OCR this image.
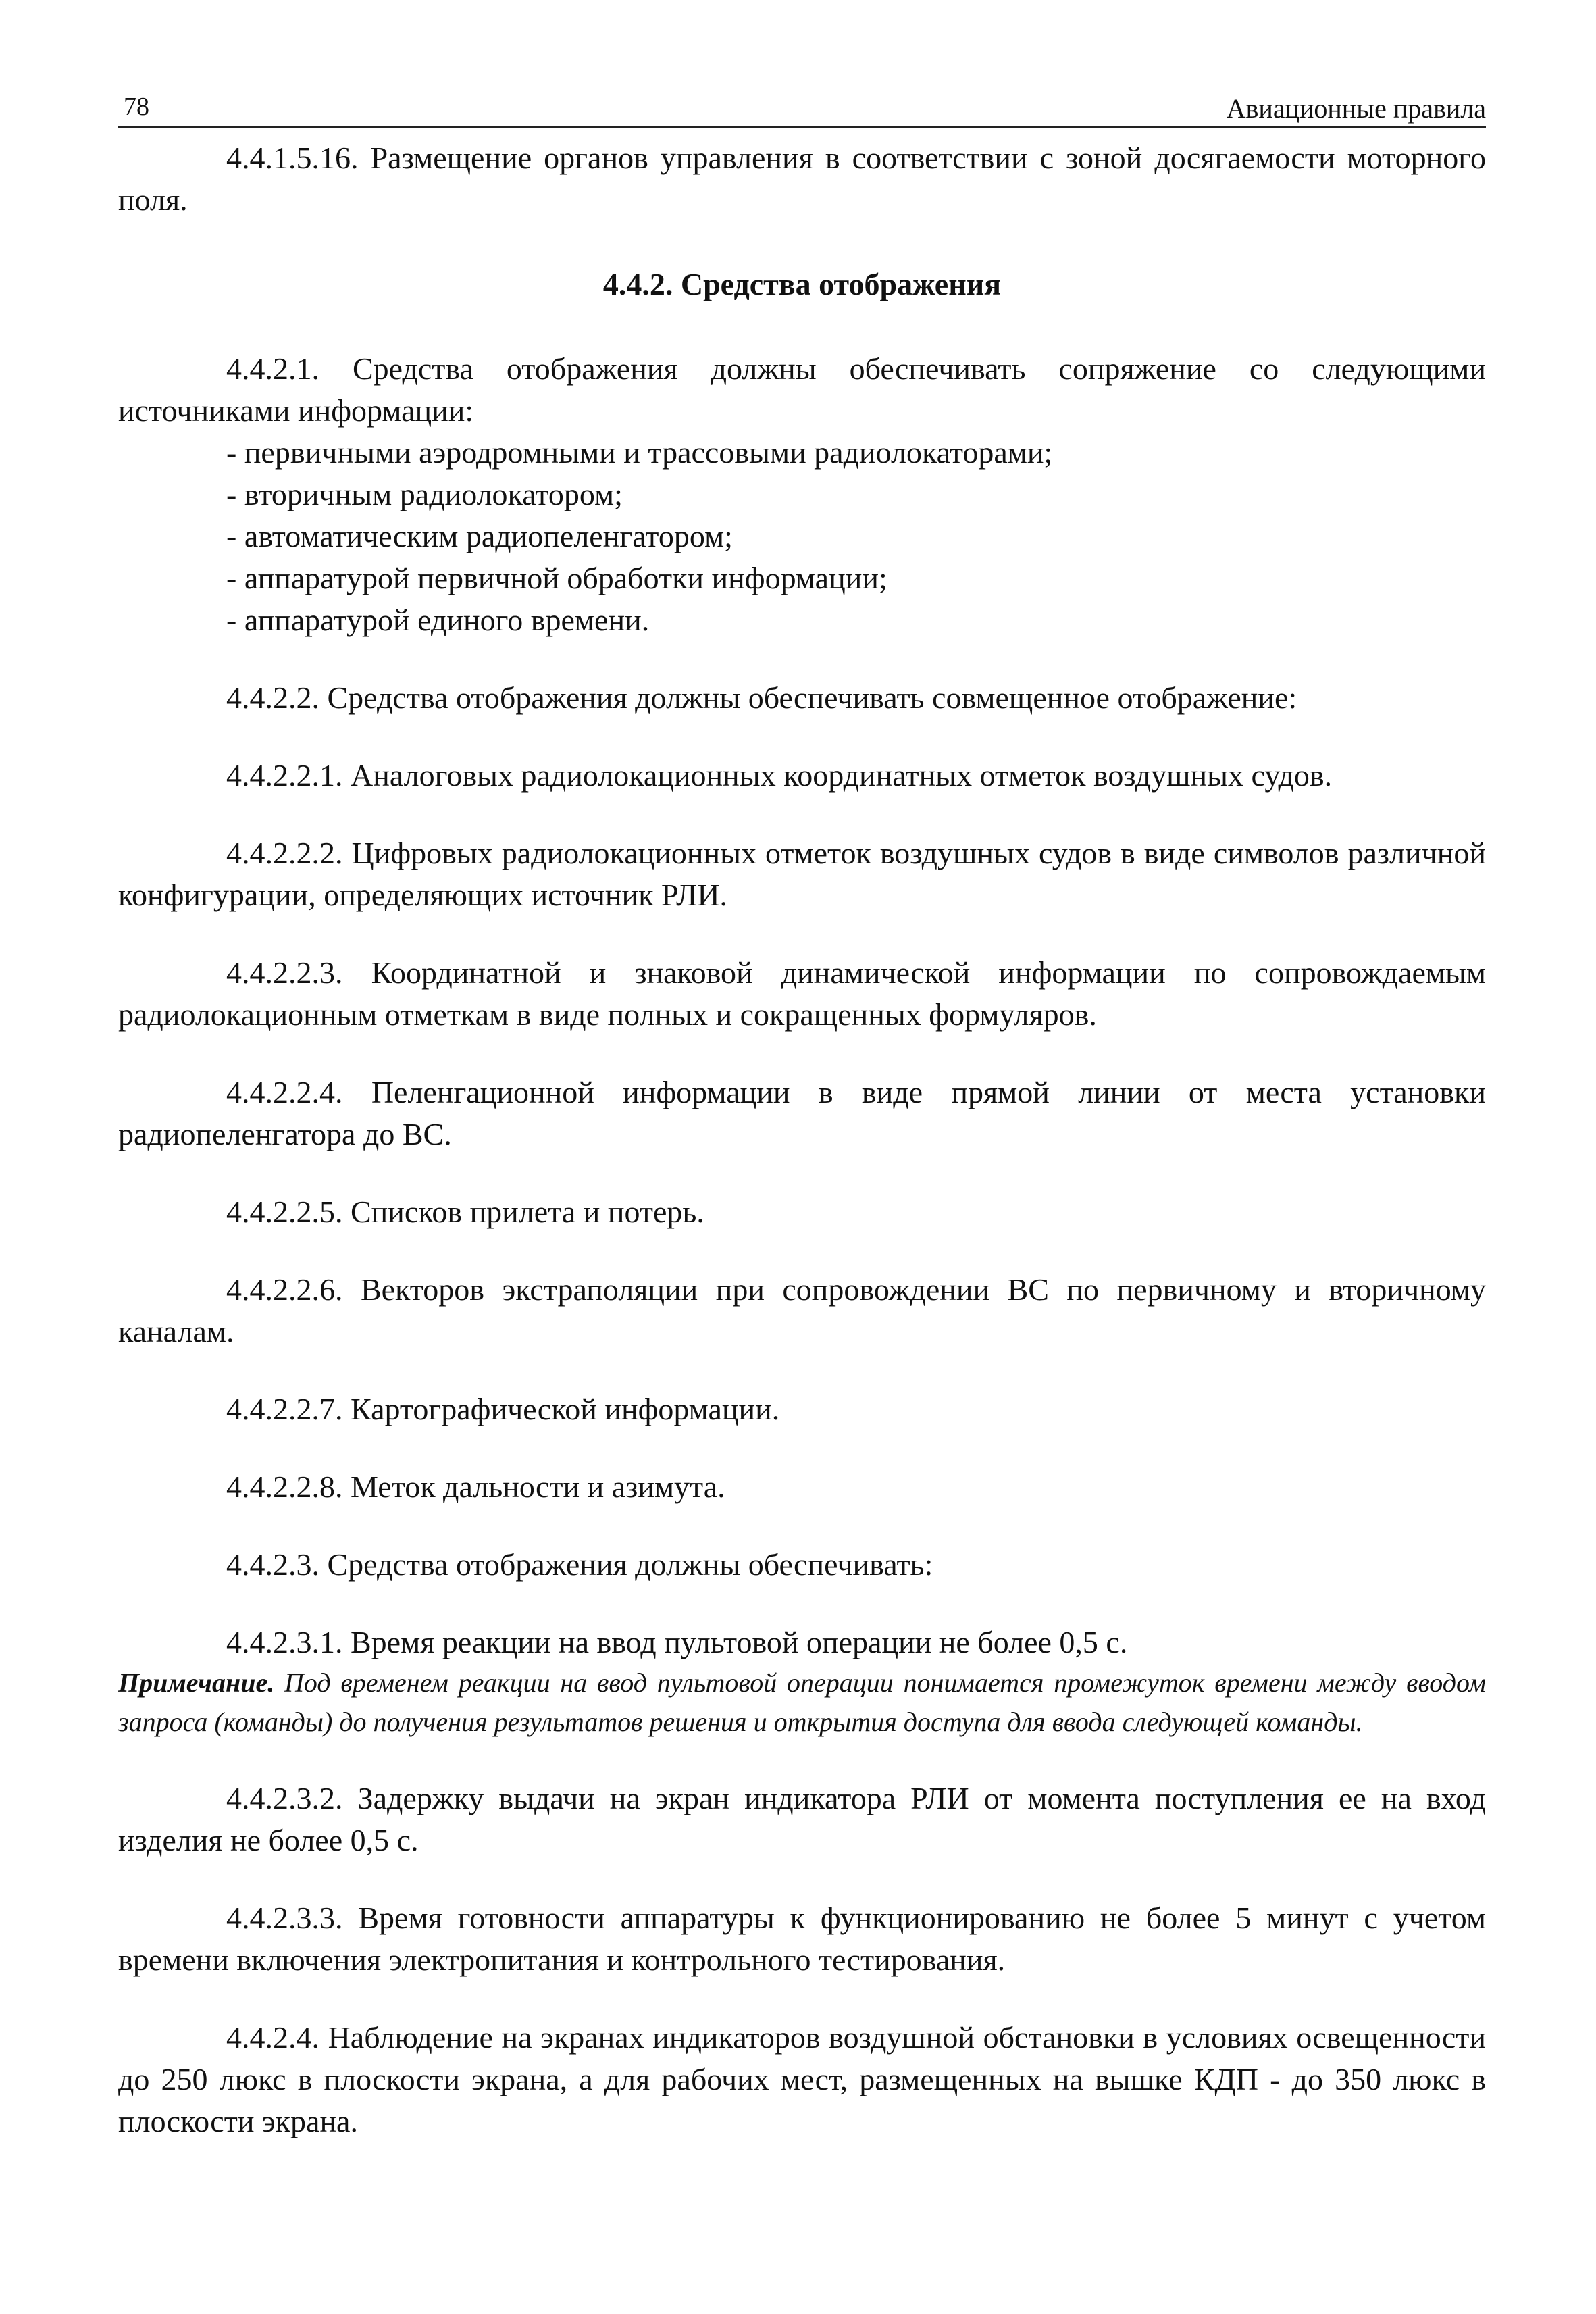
78	Авиационные правила

4.4.1.5.16. Размещение органов управления в соответствии с зоной досягаемости моторного поля.

4.4.2. Средства отображения

4.4.2.1. Средства отображения должны обеспечивать сопряжение со следующими источниками информации:

- первичными аэродромными и трассовыми радиолокаторами;

- вторичным радиолокатором;

- автоматическим радиопеленгатором;

- аппаратурой первичной обработки информации;

- аппаратурой единого времени.

4.4.2.2. Средства отображения должны обеспечивать совмещенное отображение:

4.4.2.2.1. Аналоговых радиолокационных координатных отметок воздушных судов.

4.4.2.2.2. Цифровых радиолокационных отметок воздушных судов в виде символов различной конфигурации, определяющих источник РЛИ.

4.4.2.2.3. Координатной и знаковой динамической информации по сопровождаемым радиолокационным отметкам в виде полных и сокращенных формуляров.

4.4.2.2.4. Пеленгационной информации в виде прямой линии от места установки радиопеленгатора до ВС.

4.4.2.2.5. Списков прилета и потерь.

4.4.2.2.6. Векторов экстраполяции при сопровождении ВС по первичному и вторичному каналам.

4.4.2.2.7. Картографической информации.

4.4.2.2.8. Меток дальности и азимута.

4.4.2.3. Средства отображения должны обеспечивать:

4.4.2.3.1. Время реакции на ввод пультовой операции не более 0,5 с.

Примечание. Под временем реакции на ввод пультовой операции понимается промежуток времени между вводом запроса (команды) до получения результатов решения и открытия доступа для ввода следующей команды.

4.4.2.3.2. Задержку выдачи на экран индикатора РЛИ от момента поступления ее на вход изделия не более 0,5 с.

4.4.2.3.3. Время готовности аппаратуры к функционированию не более 5 минут с учетом времени включения электропитания и контрольного тестирования.

4.4.2.4. Наблюдение на экранах индикаторов воздушной обстановки в условиях освещенности до 250 люкс в плоскости экрана, а для рабочих мест, размещенных на вышке КДП - до 350 люкс в плоскости экрана.
